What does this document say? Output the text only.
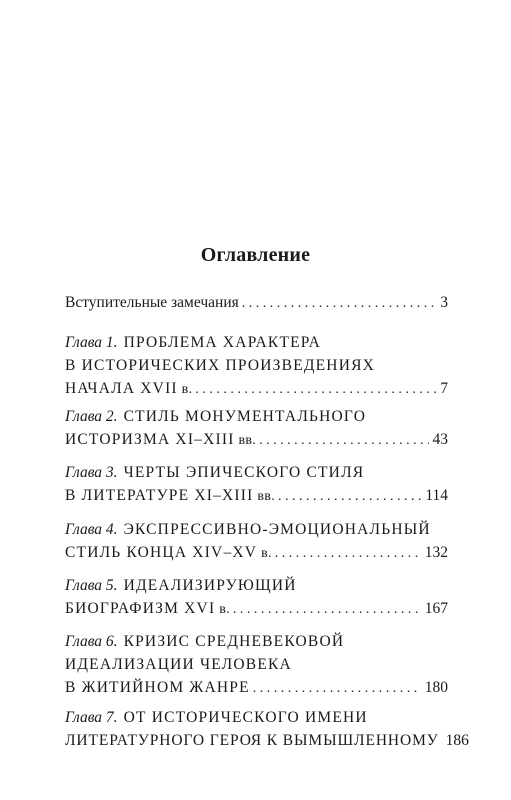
Оглавление
Вступительные замечания . . .	3
Глава 1. ПРОБЛЕМА ХАРАКТЕРА
В ИСТОРИЧЕСКИХ ПРОИЗВЕДЕНИЯХ
НАЧАЛА XVII в. . . .	7
Глава 2. СТИЛЬ МОНУМЕНТАЛЬНОГО
ИСТОРИЗМА XI–XIII вв. . . .	43
Глава 3. ЧЕРТЫ ЭПИЧЕСКОГО СТИЛЯ
В ЛИТЕРАТУРЕ XI–XIII вв. . . .	114
Глава 4. ЭКСПРЕССИВНО-ЭМОЦИОНАЛЬНЫЙ
СТИЛЬ КОНЦА XIV–XV в. . . .	132
Глава 5. ИДЕАЛИЗИРУЮЩИЙ
БИОГРАФИЗМ XVI в. . . .	167
Глава 6. КРИЗИС СРЕДНЕВЕКОВОЙ
ИДЕАЛИЗАЦИИ ЧЕЛОВЕКА
В ЖИТИЙНОМ ЖАНРЕ . . .	180
Глава 7. ОТ ИСТОРИЧЕСКОГО ИМЕНИ
ЛИТЕРАТУРНОГО ГЕРОЯ К ВЫМЫШЛЕННОМУ 186
